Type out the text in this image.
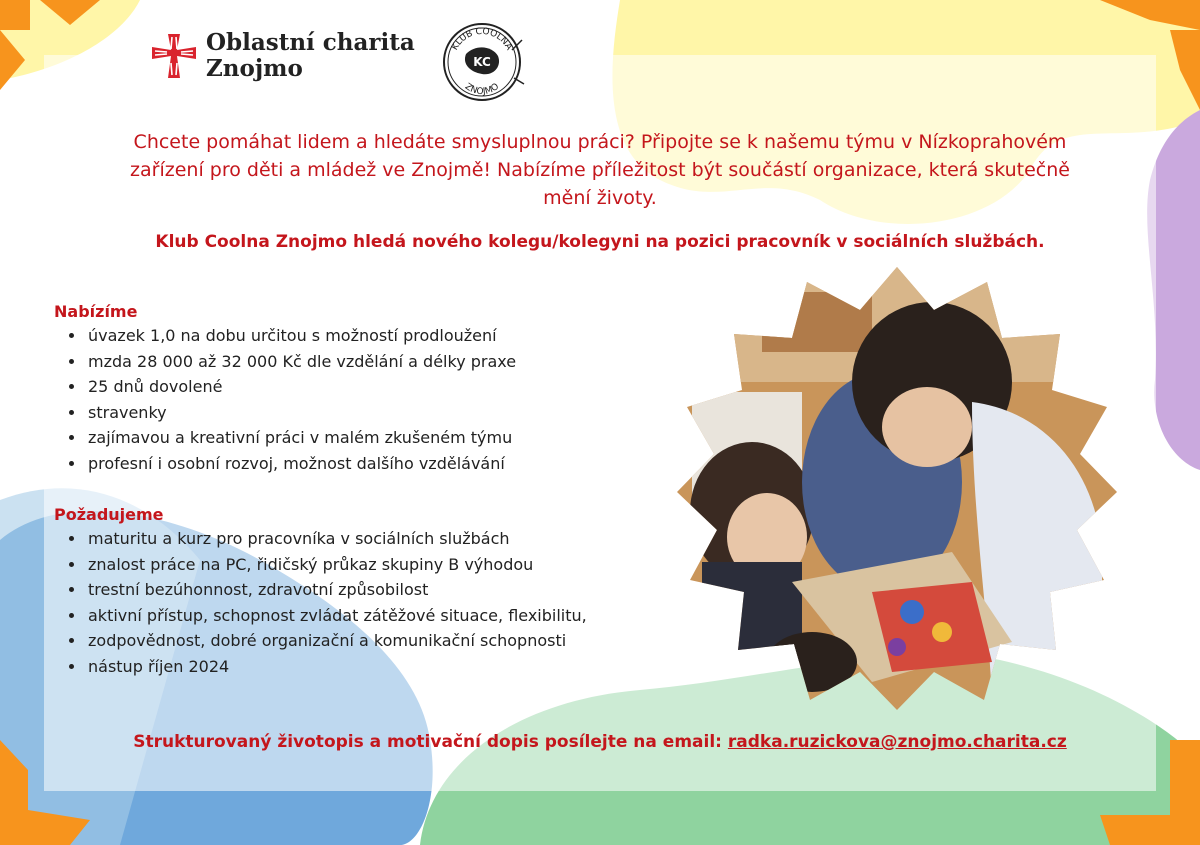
Oblastní charita
Znojmo
KLUB COOLNA
ZNOJMO
KC
Chcete pomáhat lidem a hledáte smysluplnou práci? Připojte se k našemu týmu v Nízkoprahovém zařízení pro děti a mládež ve Znojmě! Nabízíme příležitost být součástí organizace, která skutečně mění životy.
Klub Coolna Znojmo hledá nového kolegu/kolegyni na pozici pracovník v sociálních službách.
Nabízíme
• úvazek 1,0 na dobu určitou s možností prodloužení
• mzda 28 000 až 32 000 Kč dle vzdělání a délky praxe
• 25 dnů dovolené
• stravenky
• zajímavou a kreativní práci v malém zkušeném týmu
• profesní i osobní rozvoj, možnost dalšího vzdělávání
Požadujeme
• maturitu a kurz pro pracovníka v sociálních službách
• znalost práce na PC, řidičský průkaz skupiny B výhodou
• trestní bezúhonnost, zdravotní způsobilost
• aktivní přístup, schopnost zvládat zátěžové situace, flexibilitu,
• zodpovědnost, dobré organizační a komunikační schopnosti
• nástup říjen 2024
Strukturovaný životopis a motivační dopis posílejte na email: radka.ruzickova@znojmo.charita.cz
